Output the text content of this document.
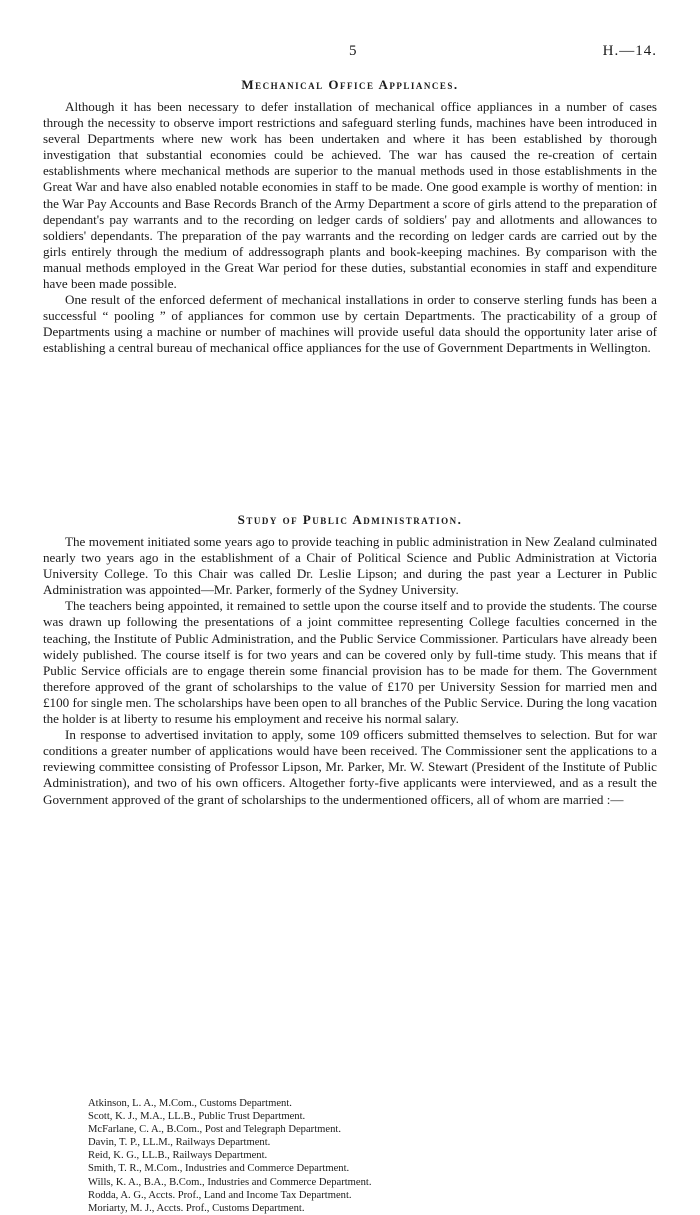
5	H.—14.
Mechanical Office Appliances.

Although it has been necessary to defer installation of mechanical office appliances in a number of cases through the necessity to observe import restrictions and safeguard sterling funds, machines have been introduced in several Departments where new work has been undertaken and where it has been established by thorough investigation that substantial economies could be achieved. The war has caused the re-creation of certain establishments where mechanical methods are superior to the manual methods used in those establishments in the Great War and have also enabled notable economies in staff to be made. One good example is worthy of mention: in the War Pay Accounts and Base Records Branch of the Army Department a score of girls attend to the preparation of dependant's pay warrants and to the recording on ledger cards of soldiers' pay and allotments and allowances to soldiers' dependants. The preparation of the pay warrants and the recording on ledger cards are carried out by the girls entirely through the medium of addressograph plants and book-keeping machines. By comparison with the manual methods employed in the Great War period for these duties, substantial economies in staff and expenditure have been made possible.

One result of the enforced deferment of mechanical installations in order to conserve sterling funds has been a successful “ pooling ” of appliances for common use by certain Departments. The practicability of a group of Departments using a machine or number of machines will provide useful data should the opportunity later arise of establishing a central bureau of mechanical office appliances for the use of Government Departments in Wellington.

Study of Public Administration.

The movement initiated some years ago to provide teaching in public administration in New Zealand culminated nearly two years ago in the establishment of a Chair of Political Science and Public Administration at Victoria University College. To this Chair was called Dr. Leslie Lipson; and during the past year a Lecturer in Public Administration was appointed—Mr. Parker, formerly of the Sydney University.

The teachers being appointed, it remained to settle upon the course itself and to provide the students. The course was drawn up following the presentations of a joint committee representing College faculties concerned in the teaching, the Institute of Public Administration, and the Public Service Commissioner. Particulars have already been widely published. The course itself is for two years and can be covered only by full-time study. This means that if Public Service officials are to engage therein some financial provision has to be made for them. The Government therefore approved of the grant of scholarships to the value of £170 per University Session for married men and £100 for single men. The scholarships have been open to all branches of the Public Service. During the long vacation the holder is at liberty to resume his employment and receive his normal salary.

In response to advertised invitation to apply, some 109 officers submitted themselves to selection. But for war conditions a greater number of applications would have been received. The Commissioner sent the applications to a reviewing committee consisting of Professor Lipson, Mr. Parker, Mr. W. Stewart (President of the Institute of Public Administration), and two of his own officers. Altogether forty-five applicants were interviewed, and as a result the Government approved of the grant of scholarships to the undermentioned officers, all of whom are married :—

Atkinson, L. A., M.Com., Customs Department.
Scott, K. J., M.A., LL.B., Public Trust Department.
McFarlane, C. A., B.Com., Post and Telegraph Department.
Davin, T. P., LL.M., Railways Department.
Reid, K. G., LL.B., Railways Department.
Smith, T. R., M.Com., Industries and Commerce Department.
Wills, K. A., B.A., B.Com., Industries and Commerce Department.
Rodda, A. G., Accts. Prof., Land and Income Tax Department.
Moriarty, M. J., Accts. Prof., Customs Department.
